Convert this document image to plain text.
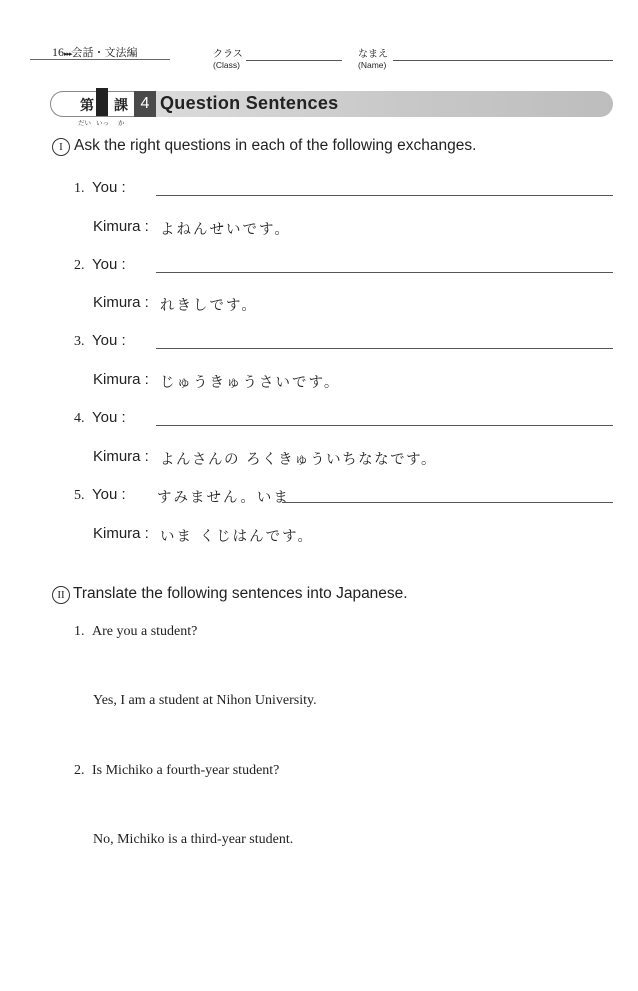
16▸▸▸会話・文法編	クラス
(Class)
なまえ
(Name)
第 課 4 Question Sentences
だい いっ か
I Ask the right questions in each of the following exchanges.
1. You :
Kimura : よねんせいです。
2. You :
Kimura : れきしです。
3. You :
Kimura : じゅうきゅうさいです。
4. You :
Kimura : よんさんの ろくきゅういちななです。
5. You : すみません。いま
Kimura : いま くじはんです。
II Translate the following sentences into Japanese.
1. Are you a student?
Yes, I am a student at Nihon University.
2. Is Michiko a fourth-year student?
No, Michiko is a third-year student.
